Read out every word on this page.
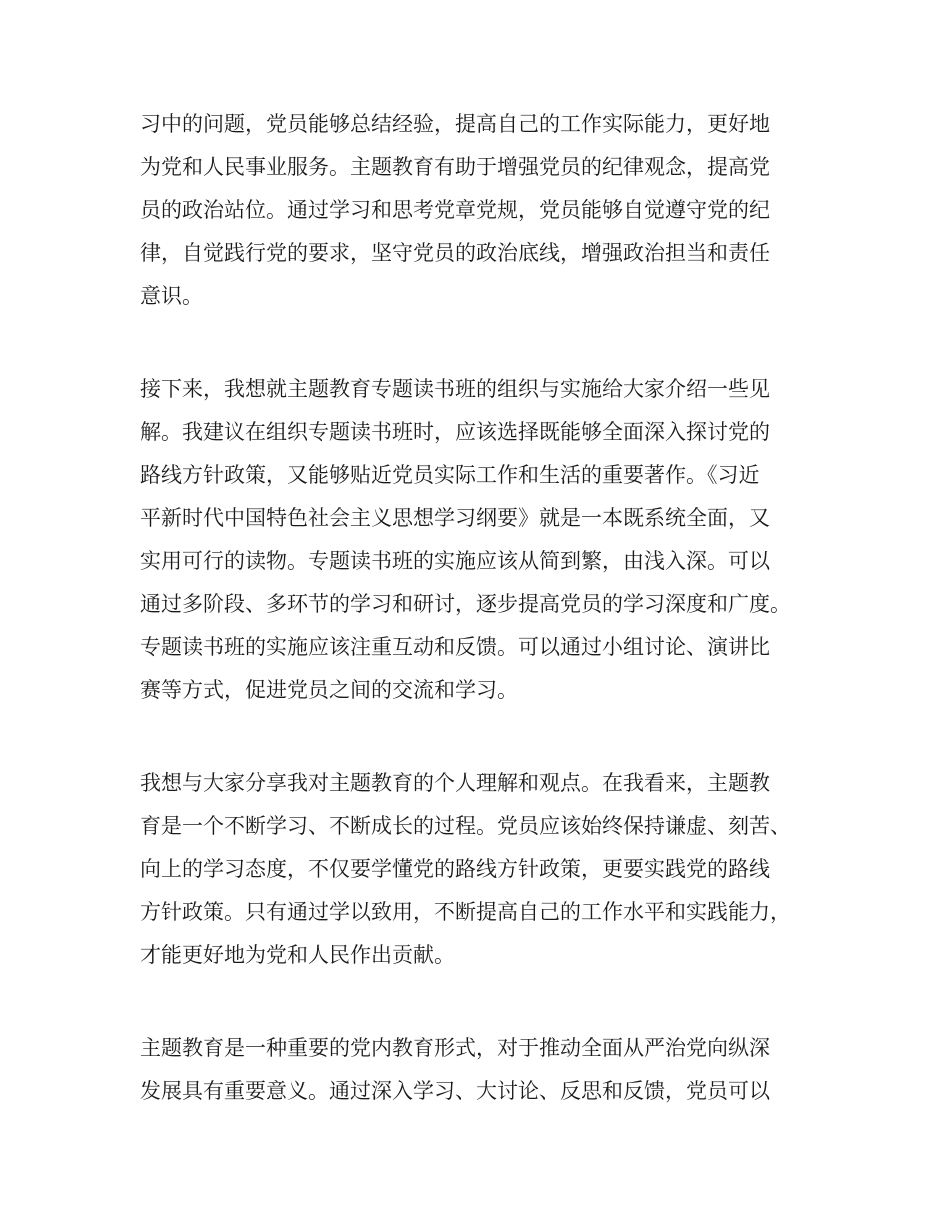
习中的问题，党员能够总结经验，提高自己的工作实际能力，更好地
为党和人民事业服务。主题教育有助于增强党员的纪律观念，提高党
员的政治站位。通过学习和思考党章党规，党员能够自觉遵守党的纪
律，自觉践行党的要求，坚守党员的政治底线，增强政治担当和责任
意识。
接下来，我想就主题教育专题读书班的组织与实施给大家介绍一些见
解。我建议在组织专题读书班时，应该选择既能够全面深入探讨党的
路线方针政策，又能够贴近党员实际工作和生活的重要著作。《习近
平新时代中国特色社会主义思想学习纲要》就是一本既系统全面，又
实用可行的读物。专题读书班的实施应该从简到繁，由浅入深。可以
通过多阶段、多环节的学习和研讨，逐步提高党员的学习深度和广度。
专题读书班的实施应该注重互动和反馈。可以通过小组讨论、演讲比
赛等方式，促进党员之间的交流和学习。
我想与大家分享我对主题教育的个人理解和观点。在我看来，主题教
育是一个不断学习、不断成长的过程。党员应该始终保持谦虚、刻苦、
向上的学习态度，不仅要学懂党的路线方针政策，更要实践党的路线
方针政策。只有通过学以致用，不断提高自己的工作水平和实践能力，
才能更好地为党和人民作出贡献。
主题教育是一种重要的党内教育形式，对于推动全面从严治党向纵深
发展具有重要意义。通过深入学习、大讨论、反思和反馈，党员可以
